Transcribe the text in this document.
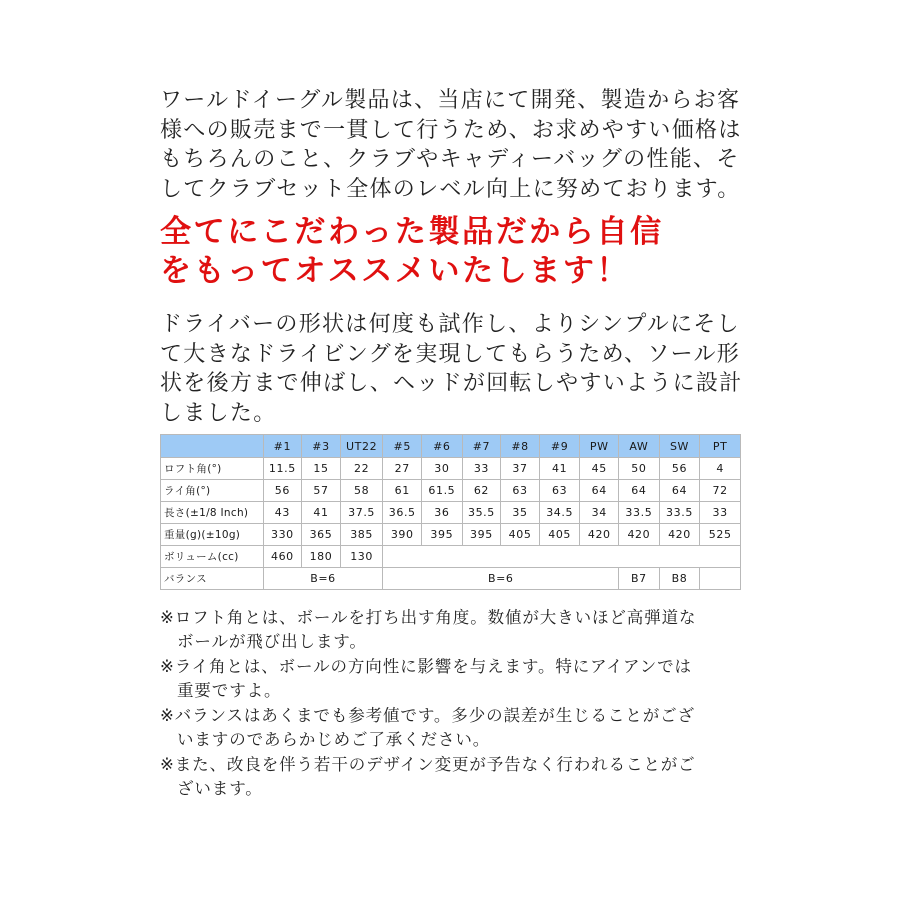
ワールドイーグル製品は、当店にて開発、製造からお客
様への販売まで一貫して行うため、お求めやすい価格は
もちろんのこと、クラブやキャディーバッグの性能、そ
してクラブセット全体のレベル向上に努めております。

全てにこだわった製品だから自信
をもってオススメいたします！

ドライバーの形状は何度も試作し、よりシンプルにそし
て大きなドライビングを実現してもらうため、ソール形
状を後方まで伸ばし、ヘッドが回転しやすいように設計
しました。

	#1	#3	UT22	#5	#6	#7	#8	#9	PW	AW	SW	PT
ロフト角(°)	11.5	15	22	27	30	33	37	41	45	50	56	4
ライ角(°)	56	57	58	61	61.5	62	63	63	64	64	64	72
長さ(±1/8 Inch)	43	41	37.5	36.5	36	35.5	35	34.5	34	33.5	33.5	33
重量(g)(±10g)	330	365	385	390	395	395	405	405	420	420	420	525
ボリューム(cc)	460	180	130									
バランス	B=6			B=6						B7	B8	
※ロフト角とは、ボールを打ち出す角度。数値が大きいほど高弾道な
ボールが飛び出します。
※ライ角とは、ボールの方向性に影響を与えます。特にアイアンでは
重要ですよ。
※バランスはあくまでも参考値です。多少の誤差が生じることがござ
いますのであらかじめご了承ください。
※また、改良を伴う若干のデザイン変更が予告なく行われることがご
ざいます。
